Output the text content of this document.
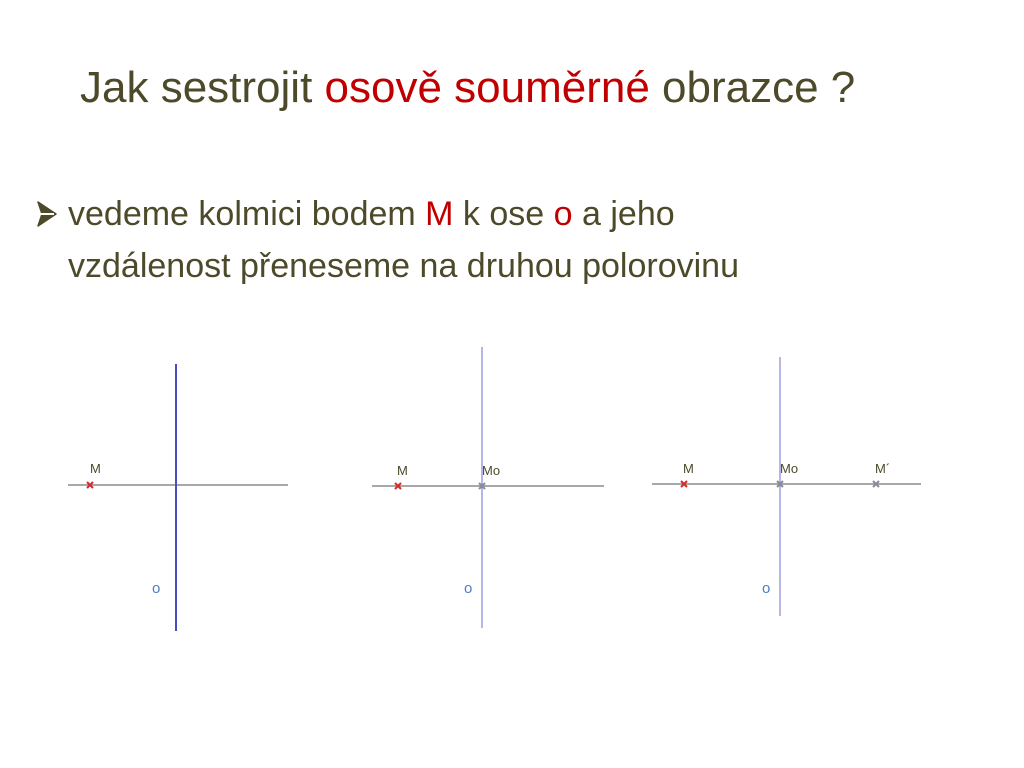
Jak sestrojit osově souměrné obrazce ?
vedeme kolmici bodem M k ose o a jeho
vzdálenost přeneseme na druhou polorovinu
M
o
M	Mo
o
M	Mo	M´
o
